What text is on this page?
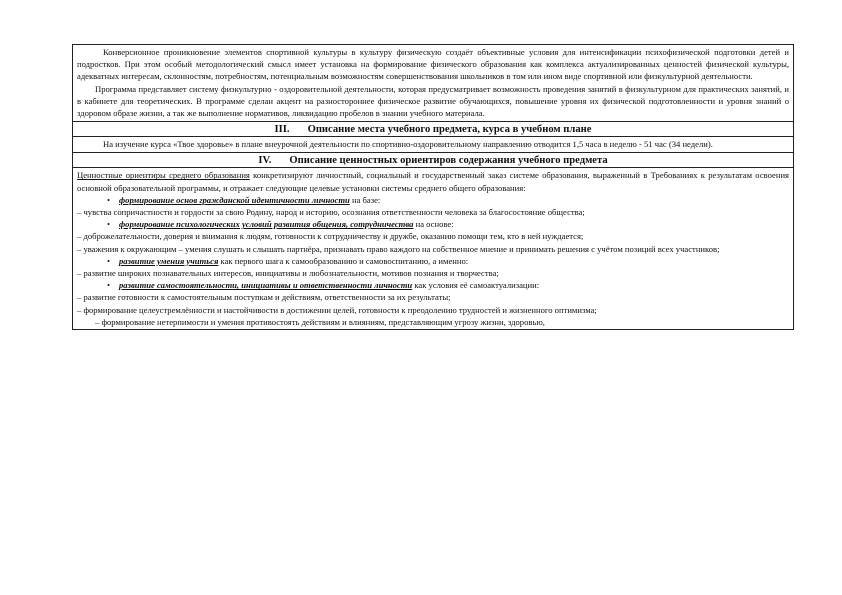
Конверсионное проникновение элементов спортивной культуры в культуру физическую создаёт объективные условия для интенсификации психофизической подготовки детей и подростков. При этом особый методологический смысл имеет установка на формирование физического образования как комплекса актуализированных ценностей физической культуры, адекватных интересам, склонностям, потребностям, потенциальным возможностям совершенствования школьников в том или ином виде спортивной или физкультурной деятельности.

Программа представляет систему физкультурно - оздоровительной деятельности, которая предусматривает возможность проведения занятий в физкультурном для практических занятий, и в кабинете для теоретических. В программе сделан акцент на разностороннее физическое развитие обучающихся, повышение уровня их физической подготовленности и уровня знаний о здоровом образе жизни, а так же выполнение нормативов, ликвидацию пробелов в знании учебного материала.

III. Описание места учебного предмета, курса в учебном плане

На изучение курса «Твое здоровье» в плане внеурочной деятельности по спортивно-оздоровительному направлению отводится 1,5 часа в неделю - 51 час (34 недели).

IV. Описание ценностных ориентиров содержания учебного предмета

Ценностные ориентиры среднего образования конкретизируют личностный, социальный и государственный заказ системе образования, выраженный в Требованиях к результатам освоения основной образовательной программы, и отражает следующие целевые установки системы среднего общего образования:

• формирование основ гражданской идентичности личности на базе:

– чувства сопричастности и гордости за свою Родину, народ и историю, осознания ответственности человека за благосостояние общества;

• формирование психологических условий развития общения, сотрудничества на основе:

– доброжелательности, доверия и внимания к людям, готовности к сотрудничеству и дружбе, оказанию помощи тем, кто в ней нуждается;

– уважения к окружающим – умения слушать и слышать партнёра, признавать право каждого на собственное мнение и принимать решения с учётом позиций всех участников;

• развитие умения учиться как первого шага к самообразованию и самовоспитанию, а именно:

– развитие широких познавательных интересов, инициативы и любознательности, мотивов познания и творчества;

• развитие самостоятельности, инициативы и ответственности личности как условия её самоактуализации:

– развитие готовности к самостоятельным поступкам и действиям, ответственности за их результаты;

– формирование целеустремлённости и настойчивости в достижении целей, готовности к преодолению трудностей и жизненного оптимизма;

– формирование нетерпимости и умения противостоять действиям и влияниям, представляющим угрозу жизни, здоровью,
